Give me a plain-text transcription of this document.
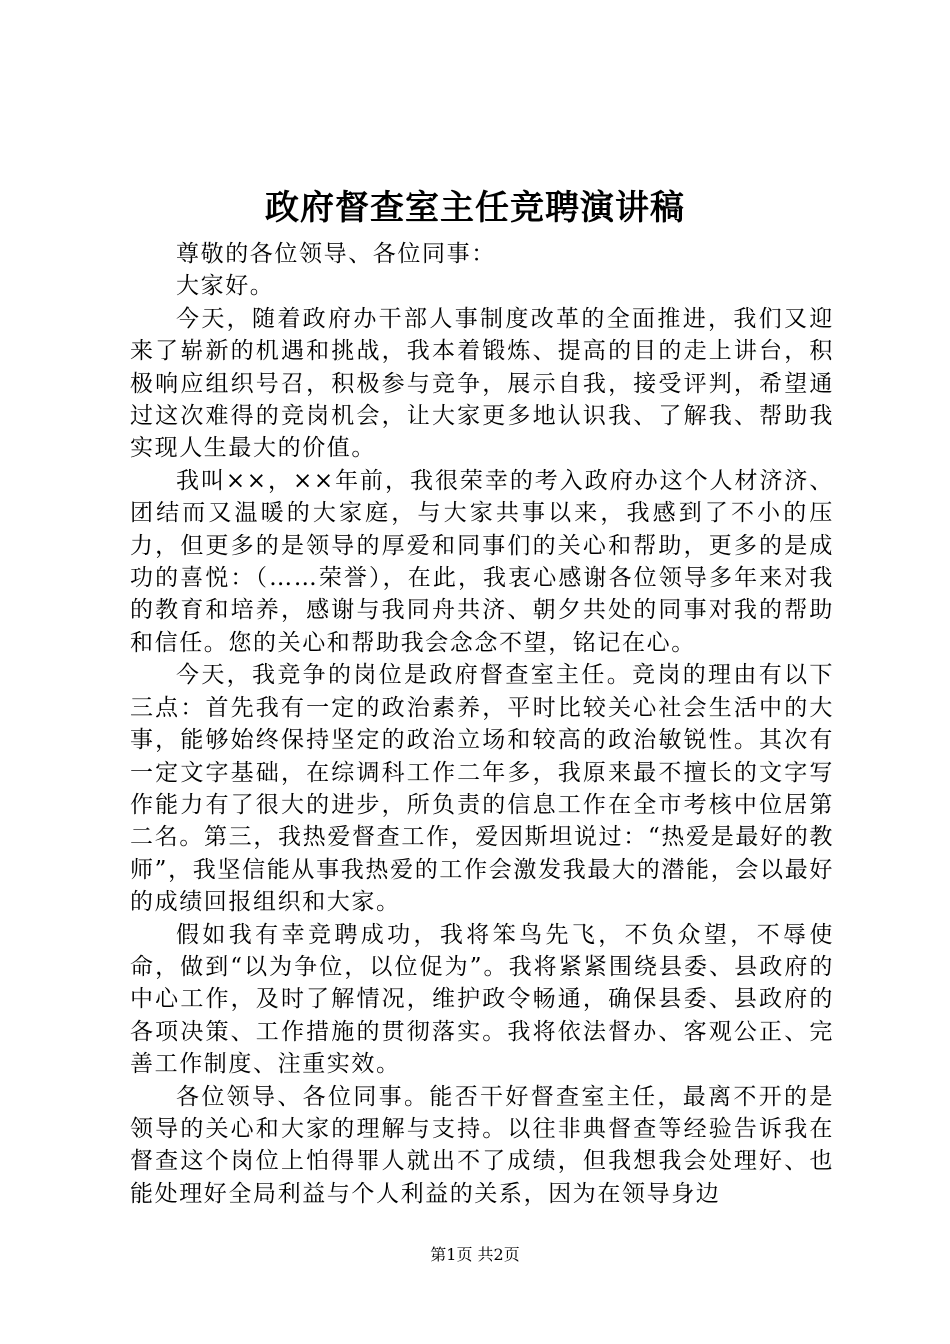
政府督查室主任竞聘演讲稿

尊敬的各位领导、各位同事：

大家好。

今天，随着政府办干部人事制度改革的全面推进，我们又迎来了崭新的机遇和挑战，我本着锻炼、提高的目的走上讲台，积极响应组织号召，积极参与竞争，展示自我，接受评判，希望通过这次难得的竞岗机会，让大家更多地认识我、了解我、帮助我实现人生最大的价值。

我叫××，××年前，我很荣幸的考入政府办这个人材济济、团结而又温暖的大家庭，与大家共事以来，我感到了不小的压力，但更多的是领导的厚爱和同事们的关心和帮助，更多的是成功的喜悦：（……荣誉），在此，我衷心感谢各位领导多年来对我的教育和培养，感谢与我同舟共济、朝夕共处的同事对我的帮助和信任。您的关心和帮助我会念念不望，铭记在心。

今天，我竞争的岗位是政府督查室主任。竞岗的理由有以下三点：首先我有一定的政治素养，平时比较关心社会生活中的大事，能够始终保持坚定的政治立场和较高的政治敏锐性。其次有一定文字基础，在综调科工作二年多，我原来最不擅长的文字写作能力有了很大的进步，所负责的信息工作在全市考核中位居第二名。第三，我热爱督查工作，爱因斯坦说过：“热爱是最好的教师”，我坚信能从事我热爱的工作会激发我最大的潜能，会以最好的成绩回报组织和大家。

假如我有幸竞聘成功，我将笨鸟先飞，不负众望，不辱使命，做到“以为争位，以位促为”。我将紧紧围绕县委、县政府的中心工作，及时了解情况，维护政令畅通，确保县委、县政府的各项决策、工作措施的贯彻落实。我将依法督办、客观公正、完善工作制度、注重实效。

各位领导、各位同事。能否干好督查室主任，最离不开的是领导的关心和大家的理解与支持。以往非典督查等经验告诉我在督查这个岗位上怕得罪人就出不了成绩，但我想我会处理好、也能处理好全局利益与个人利益的关系，因为在领导身边

第1页 共2页
